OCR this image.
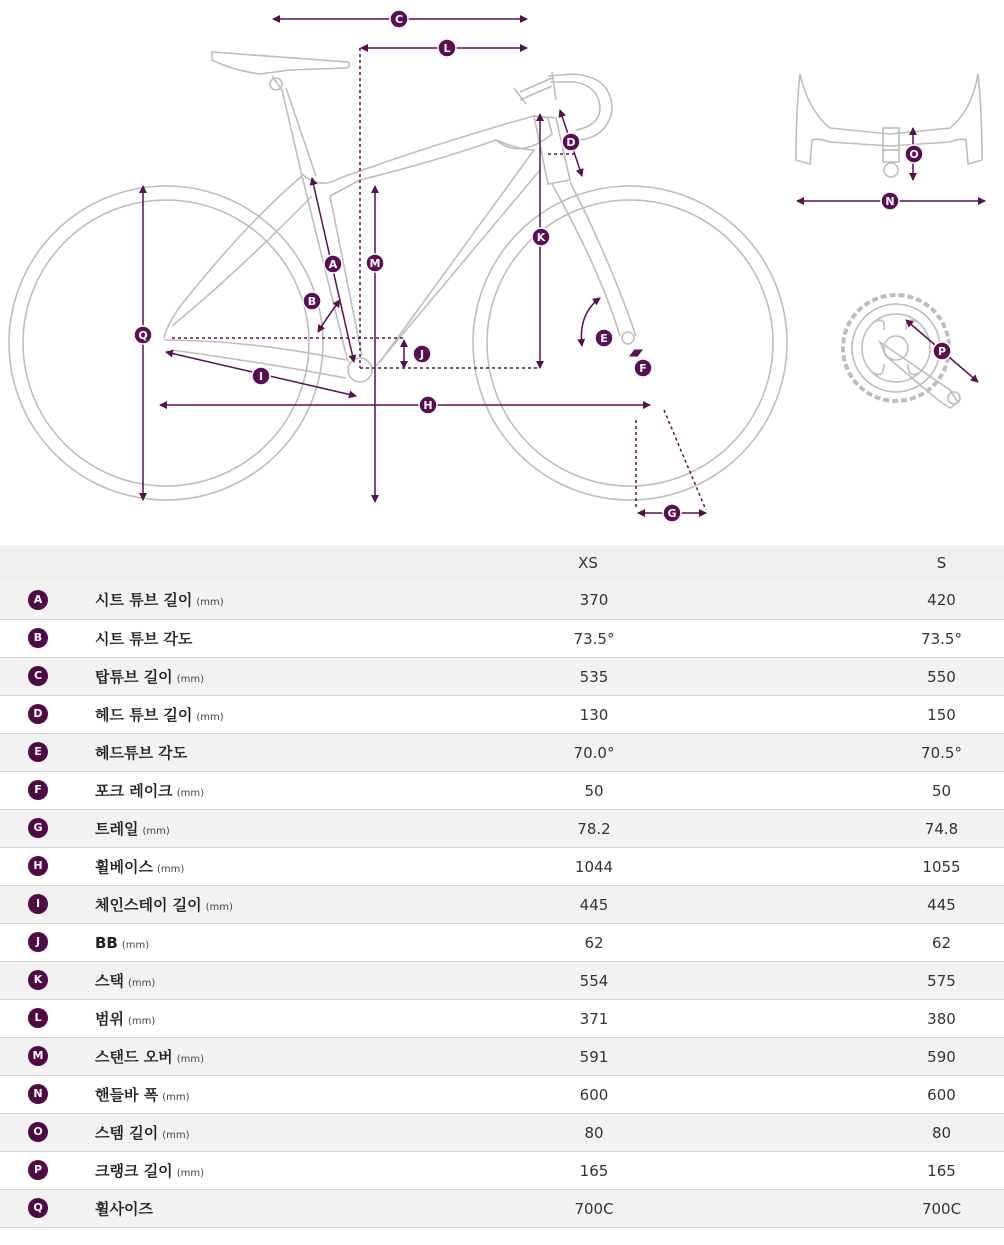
C
L
D
K
A	M
B
Q
J
E
F
I
H
G
O
N
P
		XS	S
A	시트 튜브 길이 (mm)	370	420
B	시트 튜브 각도	73.5°	73.5°
C	탑튜브 길이 (mm)	535	550
D	헤드 튜브 길이 (mm)	130	150
E	헤드튜브 각도	70.0°	70.5°
F	포크 레이크 (mm)	50	50
G	트레일 (mm)	78.2	74.8
H	휠베이스 (mm)	1044	1055
I	체인스테이 길이 (mm)	445	445
J	BB (mm)	62	62
K	스택 (mm)	554	575
L	범위 (mm)	371	380
M	스탠드 오버 (mm)	591	590
N	핸들바 폭 (mm)	600	600
O	스템 길이 (mm)	80	80
P	크랭크 길이 (mm)	165	165
Q	휠사이즈	700C	700C
